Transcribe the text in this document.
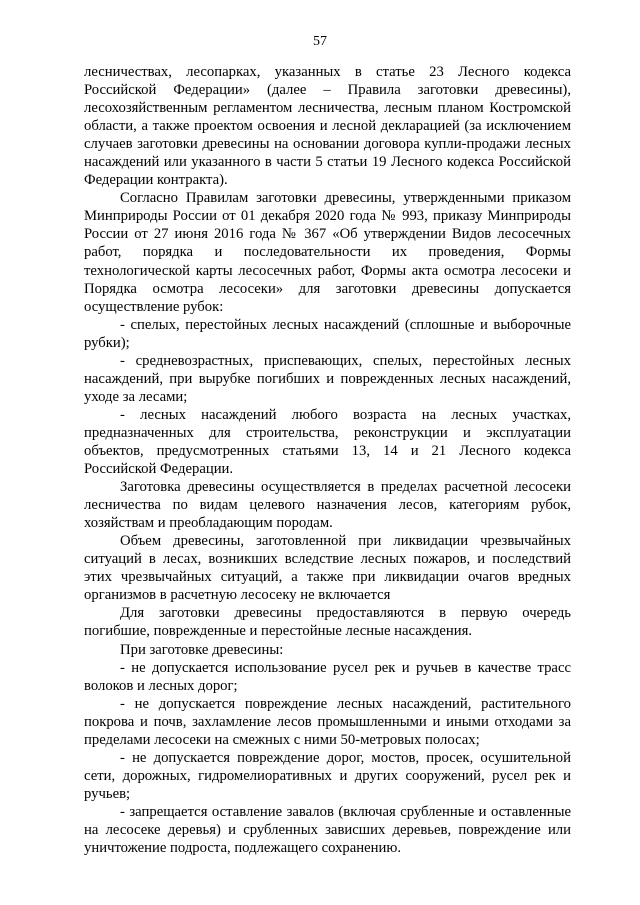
57

лесничествах, лесопарках, указанных в статье 23 Лесного кодекса Российской Федерации» (далее – Правила заготовки древесины), лесохозяйственным регламентом лесничества, лесным планом Костромской области, а также проектом освоения и лесной декларацией (за исключением случаев заготовки древесины на основании договора купли-продажи лесных насаждений или указанного в части 5 статьи 19 Лесного кодекса Российской Федерации контракта).

Согласно Правилам заготовки древесины, утвержденными приказом Минприроды России от 01 декабря 2020 года № 993, приказу Минприроды России от 27 июня 2016 года № 367 «Об утверждении Видов лесосечных работ, порядка и последовательности их проведения, Формы технологической карты лесосечных работ, Формы акта осмотра лесосеки и Порядка осмотра лесосеки» для заготовки древесины допускается осуществление рубок:

- спелых, перестойных лесных насаждений (сплошные и выборочные рубки);

- средневозрастных, приспевающих, спелых, перестойных лесных насаждений, при вырубке погибших и поврежденных лесных насаждений, уходе за лесами;

- лесных насаждений любого возраста на лесных участках, предназначенных для строительства, реконструкции и эксплуатации объектов, предусмотренных статьями 13, 14 и 21 Лесного кодекса Российской Федерации.

Заготовка древесины осуществляется в пределах расчетной лесосеки лесничества по видам целевого назначения лесов, категориям рубок, хозяйствам и преобладающим породам.

Объем древесины, заготовленной при ликвидации чрезвычайных ситуаций в лесах, возникших вследствие лесных пожаров, и последствий этих чрезвычайных ситуаций, а также при ликвидации очагов вредных организмов в расчетную лесосеку не включается

Для заготовки древесины предоставляются в первую очередь погибшие, поврежденные и перестойные лесные насаждения.

При заготовке древесины:

- не допускается использование русел рек и ручьев в качестве трасс волоков и лесных дорог;

- не допускается повреждение лесных насаждений, растительного покрова и почв, захламление лесов промышленными и иными отходами за пределами лесосеки на смежных с ними 50-метровых полосах;

- не допускается повреждение дорог, мостов, просек, осушительной сети, дорожных, гидромелиоративных и других сооружений, русел рек и ручьев;

- запрещается оставление завалов (включая срубленные и оставленные на лесосеке деревья) и срубленных зависших деревьев, повреждение или уничтожение подроста, подлежащего сохранению.
